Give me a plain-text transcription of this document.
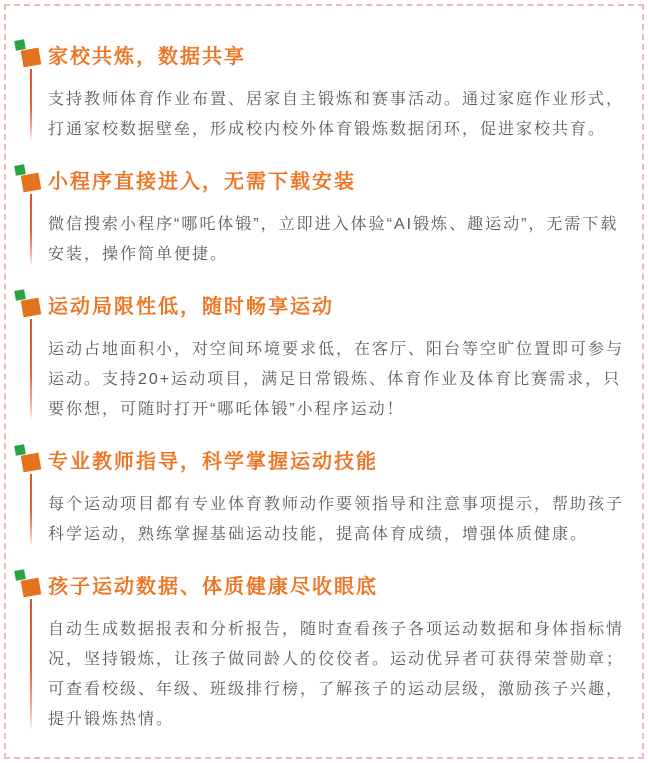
家校共炼，数据共享

支持教师体育作业布置、居家自主锻炼和赛事活动。通过家庭作业形式，打通家校数据壁垒，形成校内校外体育锻炼数据闭环，促进家校共育。

小程序直接进入，无需下载安装

微信搜索小程序“哪吒体锻”，立即进入体验“AI锻炼、趣运动”，无需下载安装，操作简单便捷。

运动局限性低，随时畅享运动

运动占地面积小，对空间环境要求低，在客厅、阳台等空旷位置即可参与运动。支持20+运动项目，满足日常锻炼、体育作业及体育比赛需求，只要你想，可随时打开“哪吒体锻”小程序运动！

专业教师指导，科学掌握运动技能

每个运动项目都有专业体育教师动作要领指导和注意事项提示，帮助孩子科学运动，熟练掌握基础运动技能，提高体育成绩，增强体质健康。

孩子运动数据、体质健康尽收眼底

自动生成数据报表和分析报告，随时查看孩子各项运动数据和身体指标情况，坚持锻炼，让孩子做同龄人的佼佼者。运动优异者可获得荣誉勋章；可查看校级、年级、班级排行榜，了解孩子的运动层级，激励孩子兴趣，提升锻炼热情。
